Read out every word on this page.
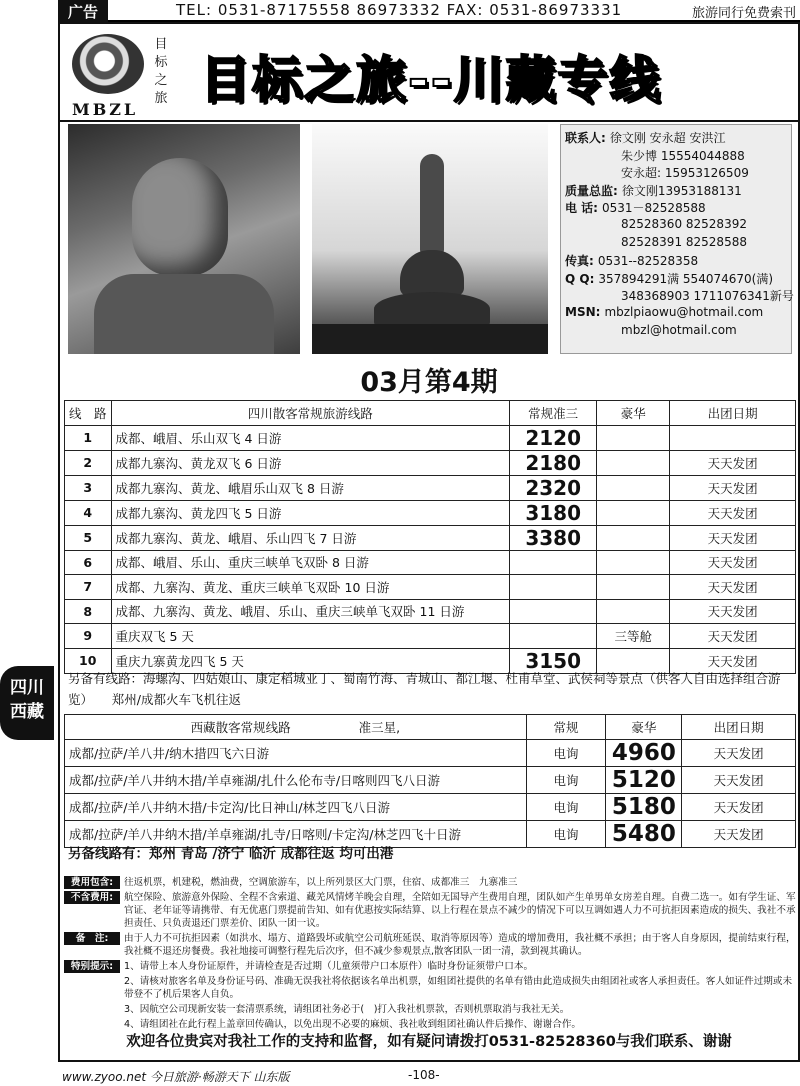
广告	TEL: 0531-87175558 86973332 FAX: 0531-86973331	旅游同行免费索刊
四川西藏
目标之旅
MBZL
目标之旅--川藏专线
联系人: 徐文刚 安永超 安洪江
朱少博 15554044888
安永超: 15953126509
质量总监: 徐文刚13953188131
电 话: 0531－82528588
82528360 82528392
82528391 82528588
传真: 0531--82528358
Q Q: 357894291满 554074670(满)
348368903 1711076341新号
MSN: mbzlpiaowu@hotmail.com
mbzl@hotmail.com
03月第4期
线　路	四川散客常规旅游线路	常规准三	豪华	出团日期
1	成都、峨眉、乐山双飞 4 日游	2120		
2	成都九寨沟、黄龙双飞 6 日游	2180		天天发团
3	成都九寨沟、黄龙、峨眉乐山双飞 8 日游	2320		天天发团
4	成都九寨沟、黄龙四飞 5 日游	3180		天天发团
5	成都九寨沟、黄龙、峨眉、乐山四飞 7 日游	3380		天天发团
6	成都、峨眉、乐山、重庆三峡单飞双卧 8 日游			天天发团
7	成都、九寨沟、黄龙、重庆三峡单飞双卧 10 日游			天天发团
8	成都、九寨沟、黄龙、峨眉、乐山、重庆三峡单飞双卧 11 日游			天天发团
9	重庆双飞 5 天		三等舱	天天发团
10	重庆九寨黄龙四飞 5 天	3150		天天发团
另备有线路：海螺沟、四姑娘山、康定稻城亚丁、蜀南竹海、青城山、都江堰、杜甫草堂、武侯祠等景点（供客人自由选择组合游览）　　郑州/成都火车飞机往返
西藏散客常规线路 准三星,	常规	豪华	出团日期
成都/拉萨/羊八井/纳木措四飞六日游	电询	4960	天天发团
成都/拉萨/羊八井纳木措/羊卓雍湖/扎什么伦布寺/日喀则四飞八日游	电询	5120	天天发团
成都/拉萨/羊八井纳木措/卡定沟/比日神山/林芝四飞八日游	电询	5180	天天发团
成都/拉萨/羊八井纳木措/羊卓雍湖/扎寺/日喀则/卡定沟/林芝四飞十日游	电询	5480	天天发团
另备线路有：郑州 青岛 /济宁 临沂 成都往返 均可出港
费用包含:	往返机票，机建税，燃油费，空调旅游车，以上所列景区大门票，住宿、成都准三　九寨准三
不含费用:	航空保险、旅游意外保险、全程不含索道、藏羌风情烤羊晚会自理，全陪如无国导产生费用自理，团队如产生单男单女房差自理。自费二选一。如有学生证、军官证、老年证等请携带、有无优惠门票提前告知、如有优惠按实际结算、以上行程在景点不减少的情况下可以互调如遇人力不可抗拒因素造成的损失、我社不承担责任、只负责退还门票差价、团队一团一议。
备　注:	由于人力不可抗拒因素（如洪水、塌方、道路毁坏或航空公司航班延误、取消等原因等）造成的增加费用，我社概不承担；由于客人自身原因，提前结束行程，我社概不退还房餐费。我社地接可调整行程先后次序，但不减少参观景点,散客团队一团一清，款到视其确认。
特别提示:	1、请带上本人身份证原件，并请检查是否过期（儿童须带户口本原件）临时身份证须带户口本。
2、请核对旅客名单及身份证号码、准确无误我社将依据该名单出机票，如组团社提供的名单有错由此造成损失由组团社或客人承担责任。客人如证件过期或未带登不了机后果客人自负。
3、因航空公司现新安装一套清票系统，请组团社务必于(　)打入我社机票款，否则机票取消与我社无关。
4、请组团社在此行程上盖章回传确认，以免出现不必要的麻烦、我社收到组团社确认件后操作、谢谢合作。
欢迎各位贵宾对我社工作的支持和监督，如有疑问请拨打0531-82528360与我们联系、谢谢
www.zyoo.net 今日旅游·畅游天下 山东版	-108-
